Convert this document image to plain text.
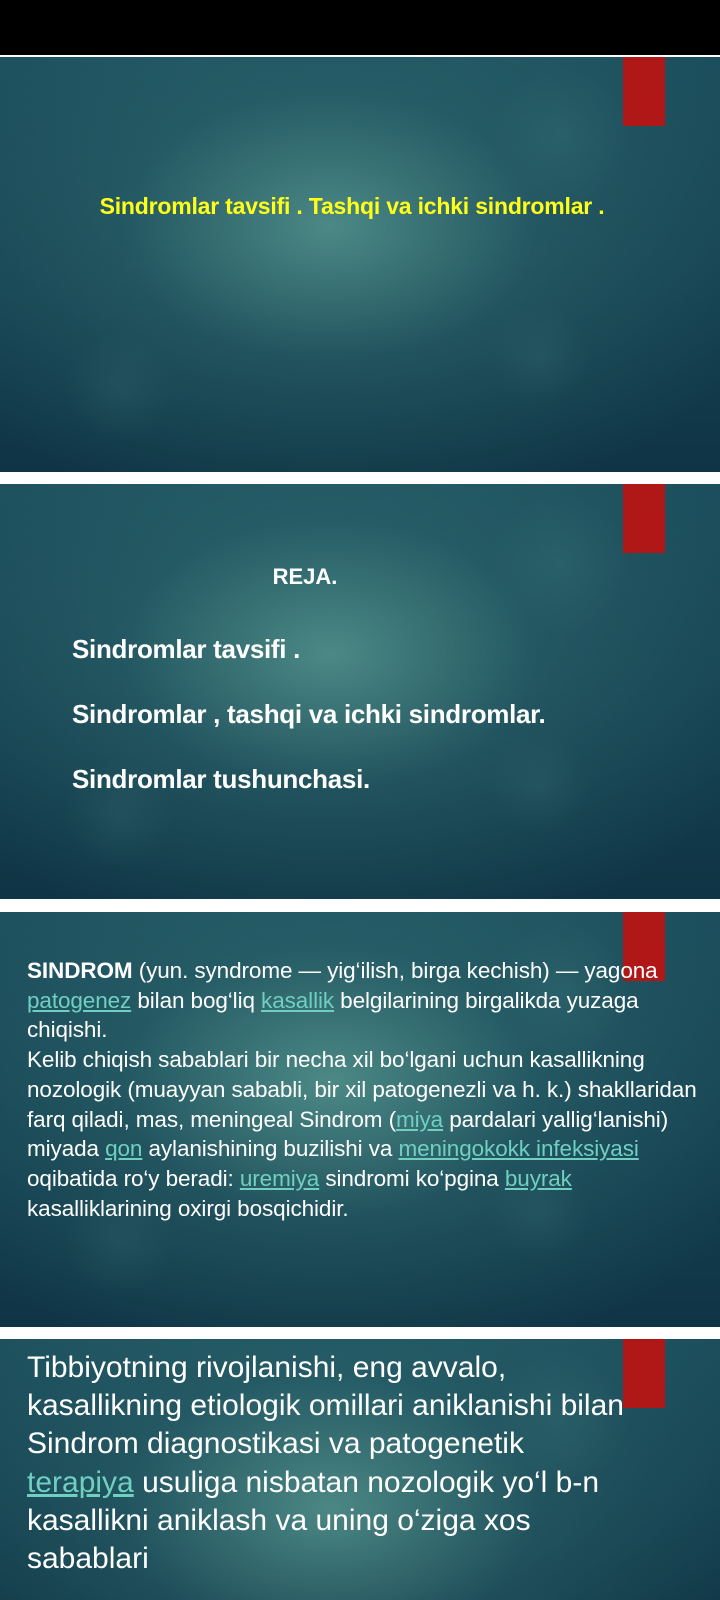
Sindromlar tavsifi . Tashqi va ichki sindromlar .
REJA.
Sindromlar tavsifi .
Sindromlar , tashqi va ichki sindromlar.
Sindromlar tushunchasi.

SINDROM (yun. syndrome — yig‘ilish, birga kechish) — yagona patogenez bilan bog‘liq kasallik belgilarining birgalikda yuzaga chiqishi.
Kelib chiqish sabablari bir necha xil bo‘lgani uchun kasallikning nozologik (muayyan sababli, bir xil patogenezli va h. k.) shakllaridan farq qiladi, mas, meningeal Sindrom (miya pardalari yallig‘lanishi) miyada qon aylanishining buzilishi va meningokokk infeksiyasi oqibatida ro‘y beradi: uremiya sindromi ko‘pgina buyrak kasalliklarining oxirgi bosqichidir.

Tibbiyotning rivojlanishi, eng avvalo, kasallikning etiologik omillari aniklanishi bilan Sindrom diagnostikasi va patogenetik terapiya usuliga nisbatan nozologik yo‘l b-n kasallikni aniklash va uning o‘ziga xos sabablari
